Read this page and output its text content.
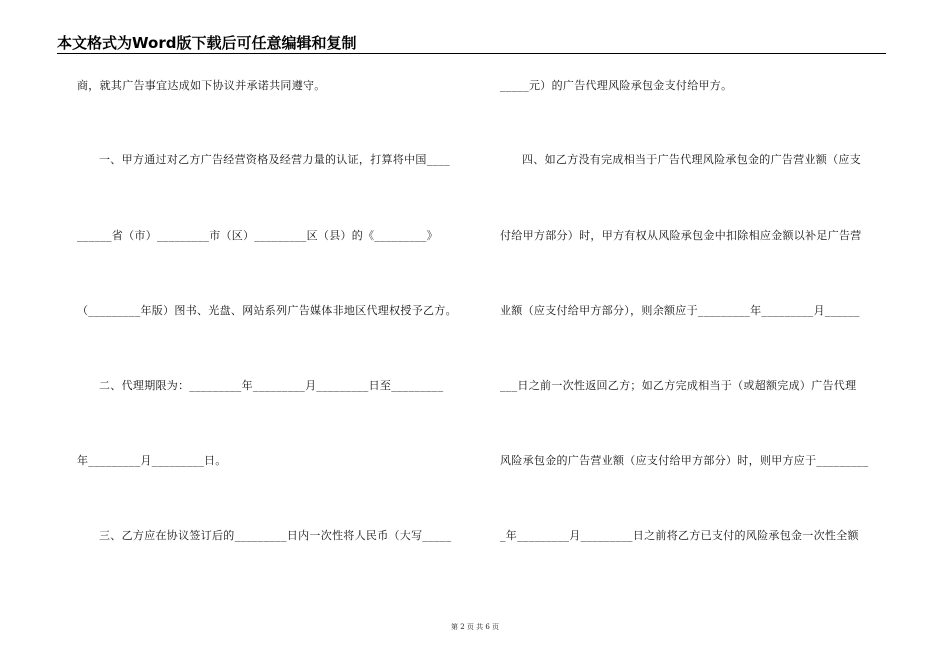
本文格式为Word版下载后可任意编辑和复制
商，就其广告事宜达成如下协议并承诺共同遵守。
一、甲方通过对乙方广告经营资格及经营力量的认证，打算将中国____
______省（市）_________市（区）_________区（县）的《_________》
（_________年版）图书、光盘、网站系列广告媒体非地区代理权授予乙方。
二、代理期限为：_________年_________月_________日至_________
年_________月_________日。
三、乙方应在协议签订后的_________日内一次性将人民币（大写_____
_____元）的广告代理风险承包金支付给甲方。
四、如乙方没有完成相当于广告代理风险承包金的广告营业额（应支
付给甲方部分）时，甲方有权从风险承包金中扣除相应金额以补足广告营
业额（应支付给甲方部分），则余额应于_________年_________月______
___日之前一次性返回乙方；如乙方完成相当于（或超额完成）广告代理
风险承包金的广告营业额（应支付给甲方部分）时，则甲方应于_________
_年_________月_________日之前将乙方已支付的风险承包金一次性全额
第 2 页 共 6 页
